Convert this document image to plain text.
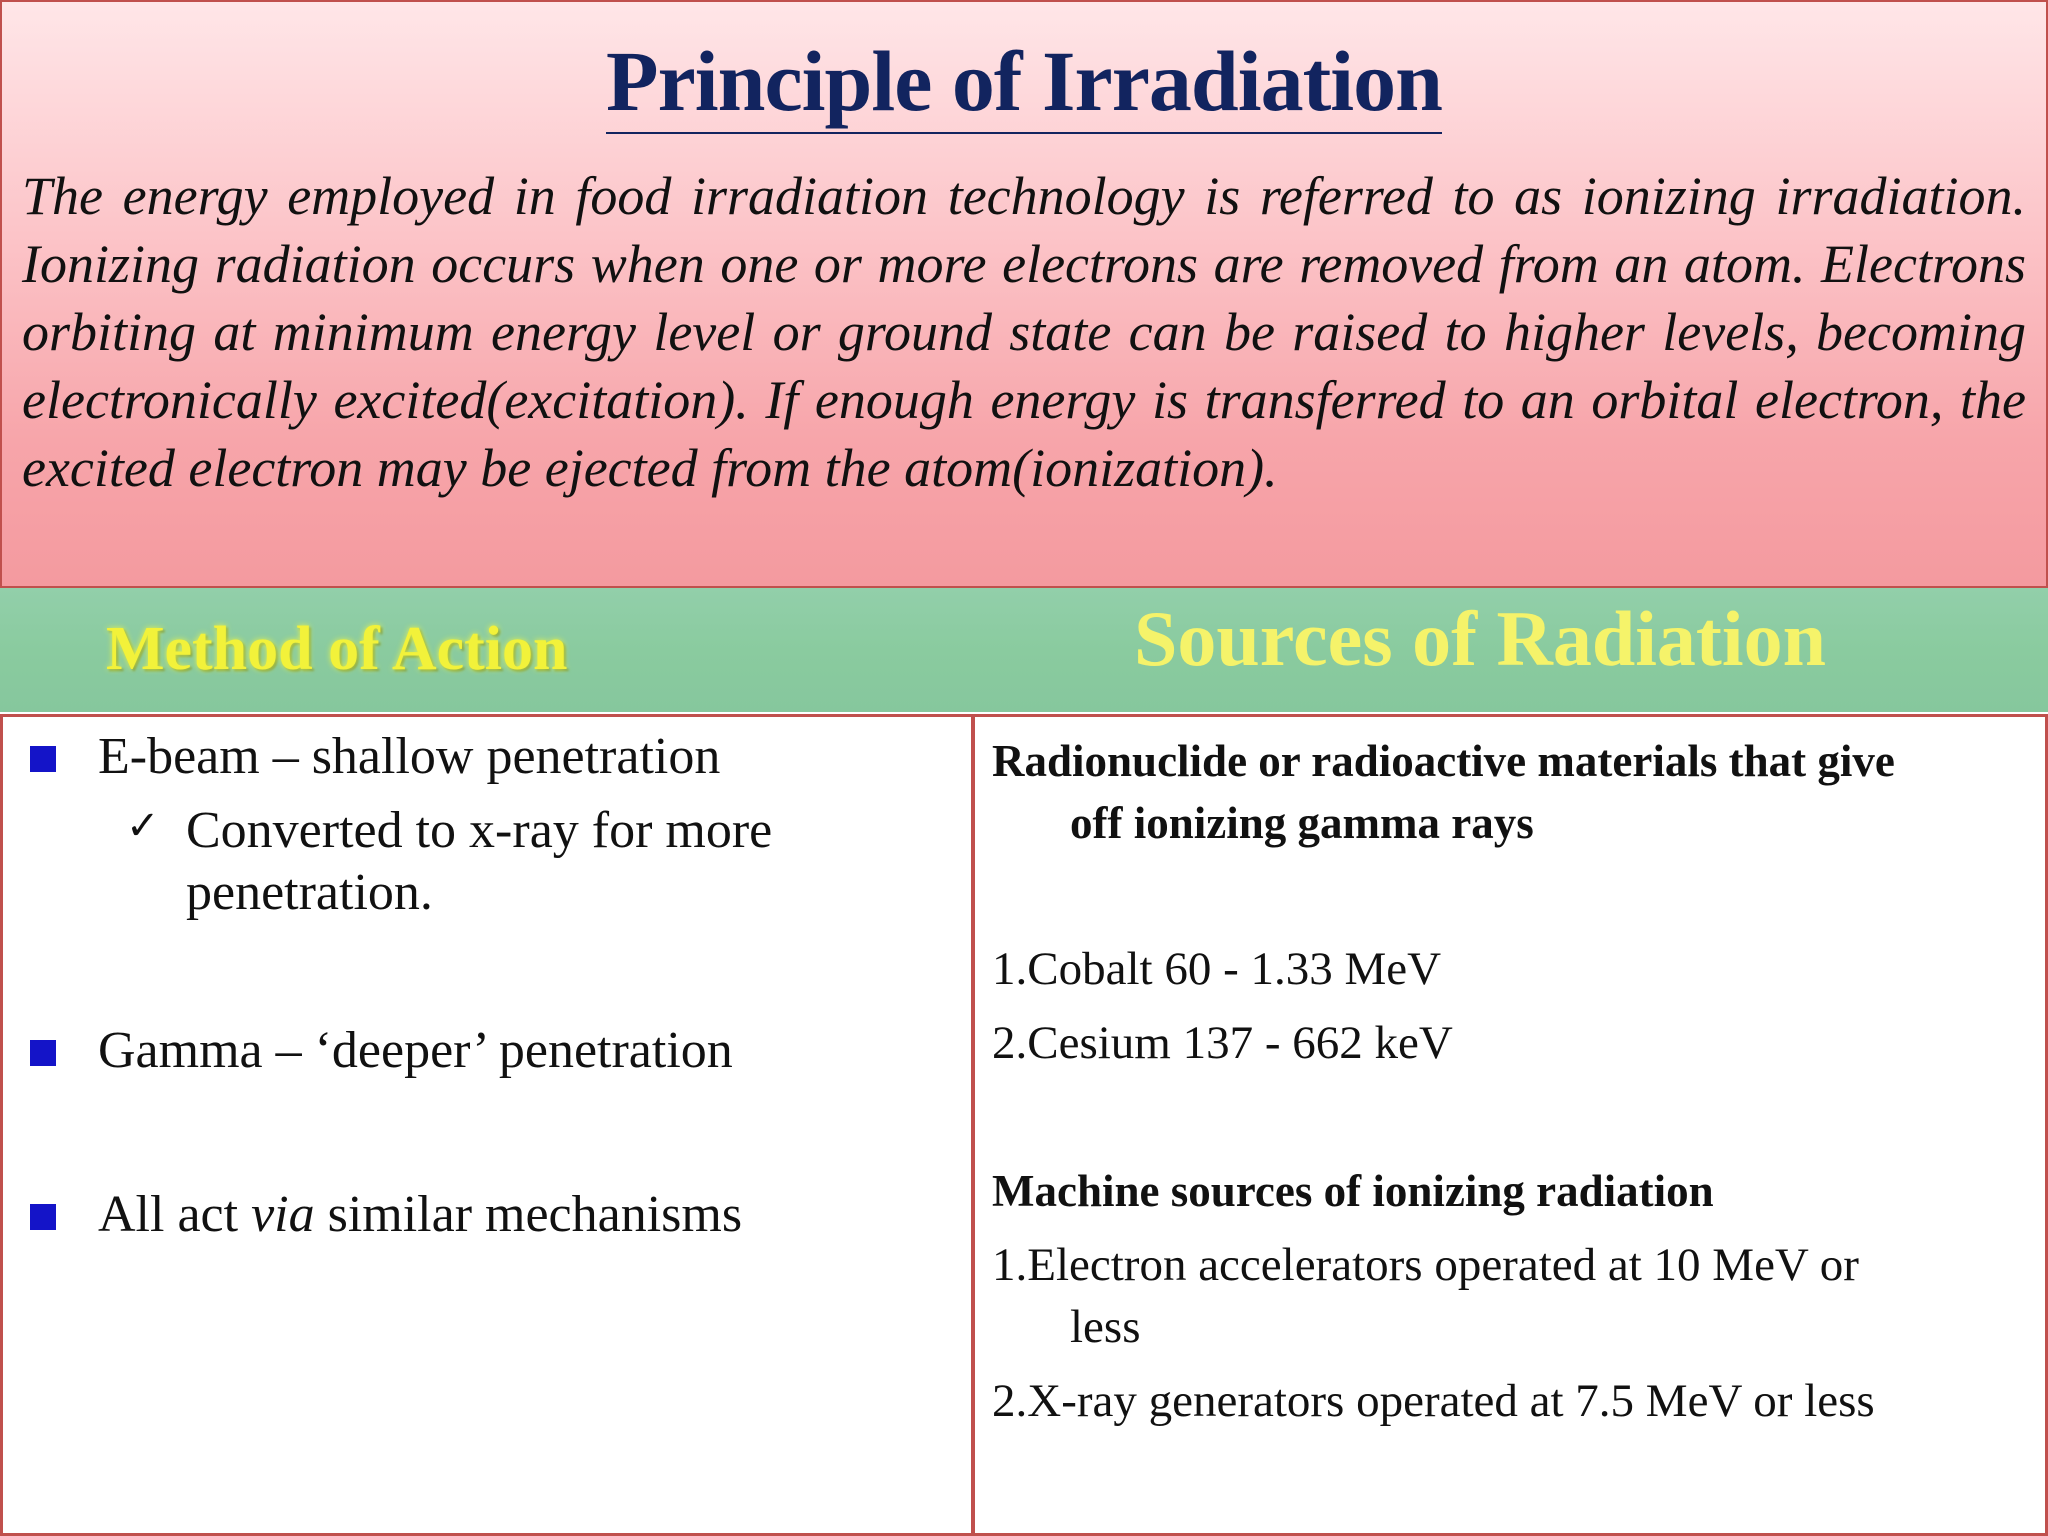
Principle of Irradiation
The energy employed in food irradiation technology is referred to as ionizing irradiation. Ionizing radiation occurs when one or more electrons are removed from an atom. Electrons orbiting at minimum energy level or ground state can be raised to higher levels, becoming electronically excited(excitation). If enough energy is transferred to an orbital electron, the excited electron may be ejected from the atom(ionization).
Method of Action	Sources of Radiation
E-beam – shallow penetration
✓ Converted to x-ray for more
penetration.
Gamma – ‘deeper’ penetration
All act via similar mechanisms
Radionuclide or radioactive materials that give
off ionizing gamma rays
1.Cobalt 60 - 1.33 MeV
2.Cesium 137 - 662 keV
Machine sources of ionizing radiation
1.Electron accelerators operated at 10 MeV or
less
2.X-ray generators operated at 7.5 MeV or less
